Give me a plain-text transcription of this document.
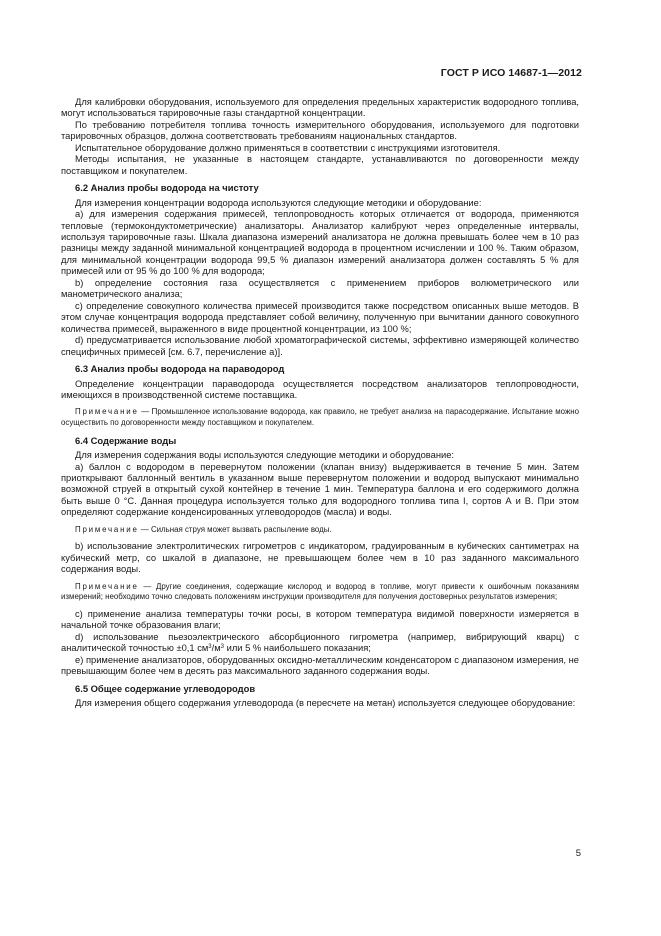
ГОСТ Р ИСО 14687-1—2012

Для калибровки оборудования, используемого для определения предельных характеристик водородного топлива, могут использоваться тарировочные газы стандартной концентрации.

По требованию потребителя топлива точность измерительного оборудования, используемого для подготовки тарировочных образцов, должна соответствовать требованиям национальных стандартов.

Испытательное оборудование должно применяться в соответствии с инструкциями изготовителя.

Методы испытания, не указанные в настоящем стандарте, устанавливаются по договоренности между поставщиком и покупателем.

6.2 Анализ пробы водорода на чистоту

Для измерения концентрации водорода используются следующие методики и оборудование:

а) для измерения содержания примесей, теплопроводность которых отличается от водорода, применяются тепловые (термокондуктометрические) анализаторы. Анализатор калибруют через определенные интервалы, используя тарировочные газы. Шкала диапазона измерений анализатора не должна превышать более чем в 10 раз разницы между заданной минимальной концентрацией водорода в процентном исчислении и 100 %. Таким образом, для минимальной концентрации водорода 99,5 % диапазон измерений анализатора должен составлять 5 % для примесей или от 95 % до 100 % для водорода;

b) определение состояния газа осуществляется с применением приборов волюметрического или манометрического анализа;

c) определение совокупного количества примесей производится также посредством описанных выше методов. В этом случае концентрация водорода представляет собой величину, полученную при вычитании данного совокупного количества примесей, выраженного в виде процентной концентрации, из 100 %;

d) предусматривается использование любой хроматографической системы, эффективно измеряющей количество специфичных примесей [см. 6.7, перечисление а)].

6.3 Анализ пробы водорода на параводород

Определение концентрации параводорода осуществляется посредством анализаторов теплопроводности, имеющихся в производственной системе поставщика.

Примечание — Промышленное использование водорода, как правило, не требует анализа на парасодержание. Испытание можно осуществить по договоренности между поставщиком и покупателем.

6.4 Содержание воды

Для измерения содержания воды используются следующие методики и оборудование:

а) баллон с водородом в перевернутом положении (клапан внизу) выдерживается в течение 5 мин. Затем приоткрывают баллонный вентиль в указанном выше перевернутом положении и водород выпускают минимально возможной струей в открытый сухой контейнер в течение 1 мин. Температура баллона и его содержимого должна быть выше 0 °С. Данная процедура используется только для водородного топлива типа I, сортов А и В. При этом определяют содержание конденсированных углеводородов (масла) и воды.

Примечание — Сильная струя может вызвать распыление воды.

b) использование электролитических гигрометров с индикатором, градуированным в кубических сантиметрах на кубический метр, со шкалой в диапазоне, не превышающем более чем в 10 раз заданного максимального содержания воды.

Примечание — Другие соединения, содержащие кислород и водород в топливе, могут привести к ошибочным показаниям измерений; необходимо точно следовать положениям инструкции производителя для получения достоверных результатов измерения;

c) применение анализа температуры точки росы, в котором температура видимой поверхности измеряется в начальной точке образования влаги;

d) использование пьезоэлектрического абсорбционного гигрометра (например, вибрирующий кварц) с аналитической точностью ±0,1 $см^3/м^3$ или 5 % наибольшего показания;

e) применение анализаторов, оборудованных оксидно-металлическим конденсатором с диапазоном измерения, не превышающим более чем в десять раз максимального заданного содержания воды.

6.5 Общее содержание углеводородов

Для измерения общего содержания углеводорода (в пересчете на метан) используется следующее оборудование:

5
